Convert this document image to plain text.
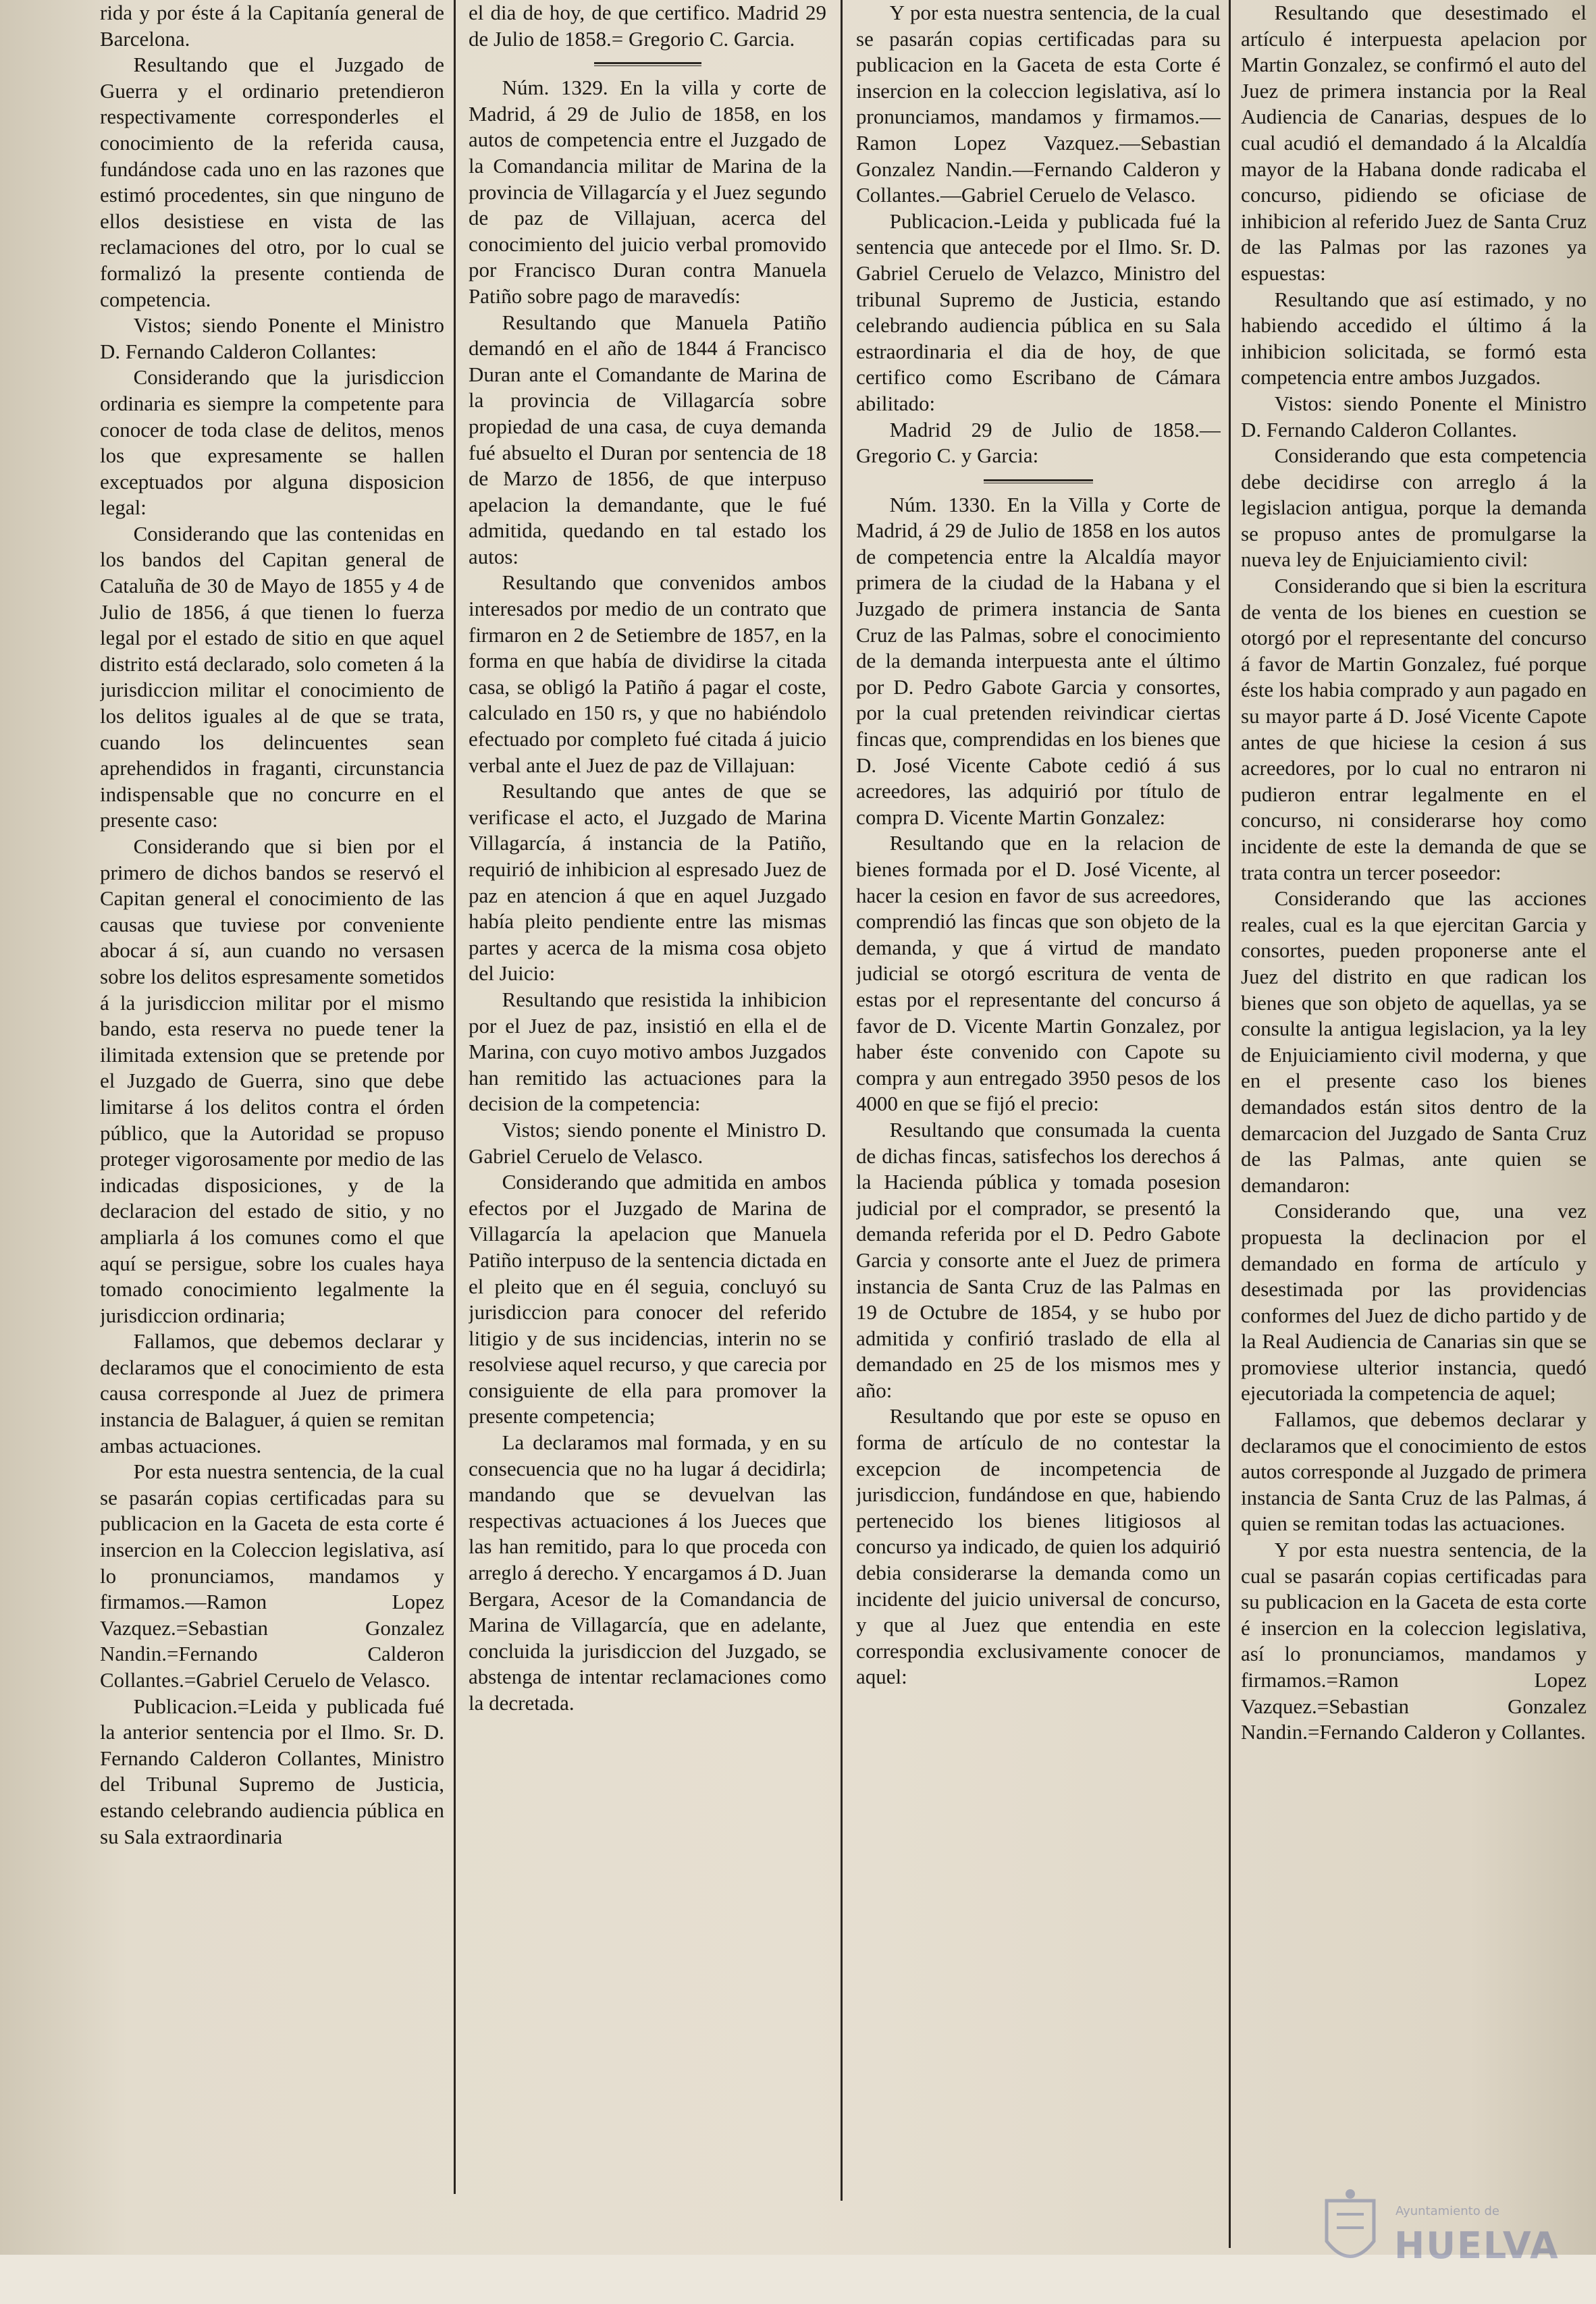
rida y por éste á la Capitanía general de Barcelona.

Resultando que el Juzgado de Guerra y el ordinario pretendieron respectivamente corresponderles el conocimiento de la referida causa, fundándose cada uno en las razones que estimó procedentes, sin que ninguno de ellos desistiese en vista de las reclamaciones del otro, por lo cual se formalizó la presente contienda de competencia.

Vistos; siendo Ponente el Ministro D. Fernando Calderon Collantes:

Considerando que la jurisdiccion ordinaria es siempre la competente para conocer de toda clase de delitos, menos los que expresamente se hallen exceptuados por alguna disposicion legal:

Considerando que las contenidas en los bandos del Capitan general de Cataluña de 30 de Mayo de 1855 y 4 de Julio de 1856, á que tienen lo fuerza legal por el estado de sitio en que aquel distrito está declarado, solo cometen á la jurisdiccion militar el conocimiento de los delitos iguales al de que se trata, cuando los delincuentes sean aprehendidos in fraganti, circunstancia indispensable que no concurre en el presente caso:

Considerando que si bien por el primero de dichos bandos se reservó el Capitan general el conocimiento de las causas que tuviese por conveniente abocar á sí, aun cuando no versasen sobre los delitos espresamente sometidos á la jurisdiccion militar por el mismo bando, esta reserva no puede tener la ilimitada extension que se pretende por el Juzgado de Guerra, sino que debe limitarse á los delitos contra el órden público, que la Autoridad se propuso proteger vigorosamente por medio de las indicadas disposiciones, y de la declaracion del estado de sitio, y no ampliarla á los comunes como el que aquí se persigue, sobre los cuales haya tomado conocimiento legalmente la jurisdiccion ordinaria;

Fallamos, que debemos declarar y declaramos que el conocimiento de esta causa corresponde al Juez de primera instancia de Balaguer, á quien se remitan ambas actuaciones.

Por esta nuestra sentencia, de la cual se pasarán copias certificadas para su publicacion en la Gaceta de esta corte é insercion en la Coleccion legislativa, así lo pronunciamos, mandamos y firmamos.—Ramon Lopez Vazquez.=Sebastian Gonzalez Nandin.=Fernando Calderon Collantes.=Gabriel Ceruelo de Velasco.

Publicacion.=Leida y publicada fué la anterior sentencia por el Ilmo. Sr. D. Fernando Calderon Collantes, Ministro del Tribunal Supremo de Justicia, estando celebrando audiencia pública en su Sala extraordinaria

el dia de hoy, de que certifico. Madrid 29 de Julio de 1858.= Gregorio C. Garcia.

Núm. 1329. En la villa y corte de Madrid, á 29 de Julio de 1858, en los autos de competencia entre el Juzgado de la Comandancia militar de Marina de la provincia de Villagarcía y el Juez segundo de paz de Villajuan, acerca del conocimiento del juicio verbal promovido por Francisco Duran contra Manuela Patiño sobre pago de maravedís:

Resultando que Manuela Patiño demandó en el año de 1844 á Francisco Duran ante el Comandante de Marina de la provincia de Villagarcía sobre propiedad de una casa, de cuya demanda fué absuelto el Duran por sentencia de 18 de Marzo de 1856, de que interpuso apelacion la demandante, que le fué admitida, quedando en tal estado los autos:

Resultando que convenidos ambos interesados por medio de un contrato que firmaron en 2 de Setiembre de 1857, en la forma en que había de dividirse la citada casa, se obligó la Patiño á pagar el coste, calculado en 150 rs, y que no habiéndolo efectuado por completo fué citada á juicio verbal ante el Juez de paz de Villajuan:

Resultando que antes de que se verificase el acto, el Juzgado de Marina Villagarcía, á instancia de la Patiño, requirió de inhibicion al espresado Juez de paz en atencion á que en aquel Juzgado había pleito pendiente entre las mismas partes y acerca de la misma cosa objeto del Juicio:

Resultando que resistida la inhibicion por el Juez de paz, insistió en ella el de Marina, con cuyo motivo ambos Juzgados han remitido las actuaciones para la decision de la competencia:

Vistos; siendo ponente el Ministro D. Gabriel Ceruelo de Velasco.

Considerando que admitida en ambos efectos por el Juzgado de Marina de Villagarcía la apelacion que Manuela Patiño interpuso de la sentencia dictada en el pleito que en él seguia, concluyó su jurisdiccion para conocer del referido litigio y de sus incidencias, interin no se resolviese aquel recurso, y que carecia por consiguiente de ella para promover la presente competencia;

La declaramos mal formada, y en su consecuencia que no ha lugar á decidirla; mandando que se devuelvan las respectivas actuaciones á los Jueces que las han remitido, para lo que proceda con arreglo á derecho. Y encargamos á D. Juan Bergara, Acesor de la Comandancia de Marina de Villagarcía, que en adelante, concluida la jurisdiccion del Juzgado, se abstenga de intentar reclamaciones como la decretada.

Y por esta nuestra sentencia, de la cual se pasarán copias certificadas para su publicacion en la Gaceta de esta Corte é insercion en la coleccion legislativa, así lo pronunciamos, mandamos y firmamos.—Ramon Lopez Vazquez.—Sebastian Gonzalez Nandin.—Fernando Calderon y Collantes.—Gabriel Ceruelo de Velasco.

Publicacion.-Leida y publicada fué la sentencia que antecede por el Ilmo. Sr. D. Gabriel Ceruelo de Velazco, Ministro del tribunal Supremo de Justicia, estando celebrando audiencia pública en su Sala estraordinaria el dia de hoy, de que certifico como Escribano de Cámara abilitado:

Madrid 29 de Julio de 1858.— Gregorio C. y Garcia:

Núm. 1330. En la Villa y Corte de Madrid, á 29 de Julio de 1858 en los autos de competencia entre la Alcaldía mayor primera de la ciudad de la Habana y el Juzgado de primera instancia de Santa Cruz de las Palmas, sobre el conocimiento de la demanda interpuesta ante el último por D. Pedro Gabote Garcia y consortes, por la cual pretenden reivindicar ciertas fincas que, comprendidas en los bienes que D. José Vicente Cabote cedió á sus acreedores, las adquirió por título de compra D. Vicente Martin Gonzalez:

Resultando que en la relacion de bienes formada por el D. José Vicente, al hacer la cesion en favor de sus acreedores, comprendió las fincas que son objeto de la demanda, y que á virtud de mandato judicial se otorgó escritura de venta de estas por el representante del concurso á favor de D. Vicente Martin Gonzalez, por haber éste convenido con Capote su compra y aun entregado 3950 pesos de los 4000 en que se fijó el precio:

Resultando que consumada la cuenta de dichas fincas, satisfechos los derechos á la Hacienda pública y tomada posesion judicial por el comprador, se presentó la demanda referida por el D. Pedro Gabote Garcia y consorte ante el Juez de primera instancia de Santa Cruz de las Palmas en 19 de Octubre de 1854, y se hubo por admitida y confirió traslado de ella al demandado en 25 de los mismos mes y año:

Resultando que por este se opuso en forma de artículo de no contestar la excepcion de incompetencia de jurisdiccion, fundándose en que, habiendo pertenecido los bienes litigiosos al concurso ya indicado, de quien los adquirió debia considerarse la demanda como un incidente del juicio universal de concurso, y que al Juez que entendia en este correspondia exclusivamente conocer de aquel:

Resultando que desestimado el artículo é interpuesta apelacion por Martin Gonzalez, se confirmó el auto del Juez de primera instancia por la Real Audiencia de Canarias, despues de lo cual acudió el demandado á la Alcaldía mayor de la Habana donde radicaba el concurso, pidiendo se oficiase de inhibicion al referido Juez de Santa Cruz de las Palmas por las razones ya espuestas:

Resultando que así estimado, y no habiendo accedido el último á la inhibicion solicitada, se formó esta competencia entre ambos Juzgados.

Vistos: siendo Ponente el Ministro D. Fernando Calderon Collantes.

Considerando que esta competencia debe decidirse con arreglo á la legislacion antigua, porque la demanda se propuso antes de promulgarse la nueva ley de Enjuiciamiento civil:

Considerando que si bien la escritura de venta de los bienes en cuestion se otorgó por el representante del concurso á favor de Martin Gonzalez, fué porque éste los habia comprado y aun pagado en su mayor parte á D. José Vicente Capote antes de que hiciese la cesion á sus acreedores, por lo cual no entraron ni pudieron entrar legalmente en el concurso, ni considerarse hoy como incidente de este la demanda de que se trata contra un tercer poseedor:

Considerando que las acciones reales, cual es la que ejercitan Garcia y consortes, pueden proponerse ante el Juez del distrito en que radican los bienes que son objeto de aquellas, ya se consulte la antigua legislacion, ya la ley de Enjuiciamiento civil moderna, y que en el presente caso los bienes demandados están sitos dentro de la demarcacion del Juzgado de Santa Cruz de las Palmas, ante quien se demandaron:

Considerando que, una vez propuesta la declinacion por el demandado en forma de artículo y desestimada por las providencias conformes del Juez de dicho partido y de la Real Audiencia de Canarias sin que se promoviese ulterior instancia, quedó ejecutoriada la competencia de aquel;

Fallamos, que debemos declarar y declaramos que el conocimiento de estos autos corresponde al Juzgado de primera instancia de Santa Cruz de las Palmas, á quien se remitan todas las actuaciones.

Y por esta nuestra sentencia, de la cual se pasarán copias certificadas para su publicacion en la Gaceta de esta corte é insercion en la coleccion legislativa, así lo pronunciamos, mandamos y firmamos.=Ramon Lopez Vazquez.=Sebastian Gonzalez Nandin.=Fernando Calderon y Collantes.

Ayuntamiento de
HUELVA
